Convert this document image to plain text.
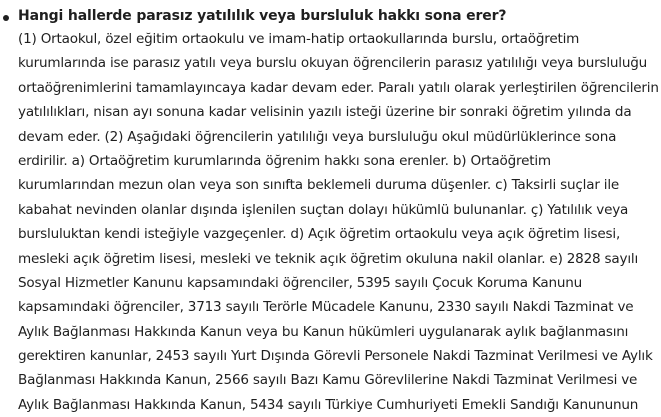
Hangi hallerde parasız yatılılık veya bursluluk hakkı sona erer?
(1) Ortaokul, özel eğitim ortaokulu ve imam-hatip ortaokullarında burslu, ortaöğretim
kurumlarında ise parasız yatılı veya burslu okuyan öğrencilerin parasız yatılılığı veya bursluluğu
ortaöğrenimlerini tamamlayıncaya kadar devam eder. Paralı yatılı olarak yerleştirilen öğrencilerin
yatılılıkları, nisan ayı sonuna kadar velisinin yazılı isteği üzerine bir sonraki öğretim yılında da
devam eder. (2) Aşağıdaki öğrencilerin yatılılığı veya bursluluğu okul müdürlüklerince sona
erdirilir. a) Ortaöğretim kurumlarında öğrenim hakkı sona erenler. b) Ortaöğretim
kurumlarından mezun olan veya son sınıfta beklemeli duruma düşenler. c) Taksirli suçlar ile
kabahat nevinden olanlar dışında işlenilen suçtan dolayı hükümlü bulunanlar. ç) Yatılılık veya
bursluluktan kendi isteğiyle vazgeçenler. d) Açık öğretim ortaokulu veya açık öğretim lisesi,
mesleki açık öğretim lisesi, mesleki ve teknik açık öğretim okuluna nakil olanlar. e) 2828 sayılı
Sosyal Hizmetler Kanunu kapsamındaki öğrenciler, 5395 sayılı Çocuk Koruma Kanunu
kapsamındaki öğrenciler, 3713 sayılı Terörle Mücadele Kanunu, 2330 sayılı Nakdi Tazminat ve
Aylık Bağlanması Hakkında Kanun veya bu Kanun hükümleri uygulanarak aylık bağlanmasını
gerektiren kanunlar, 2453 sayılı Yurt Dışında Görevli Personele Nakdi Tazminat Verilmesi ve Aylık
Bağlanması Hakkında Kanun, 2566 sayılı Bazı Kamu Görevlilerine Nakdi Tazminat Verilmesi ve
Aylık Bağlanması Hakkında Kanun, 5434 sayılı Türkiye Cumhuriyeti Emekli Sandığı Kanununun
